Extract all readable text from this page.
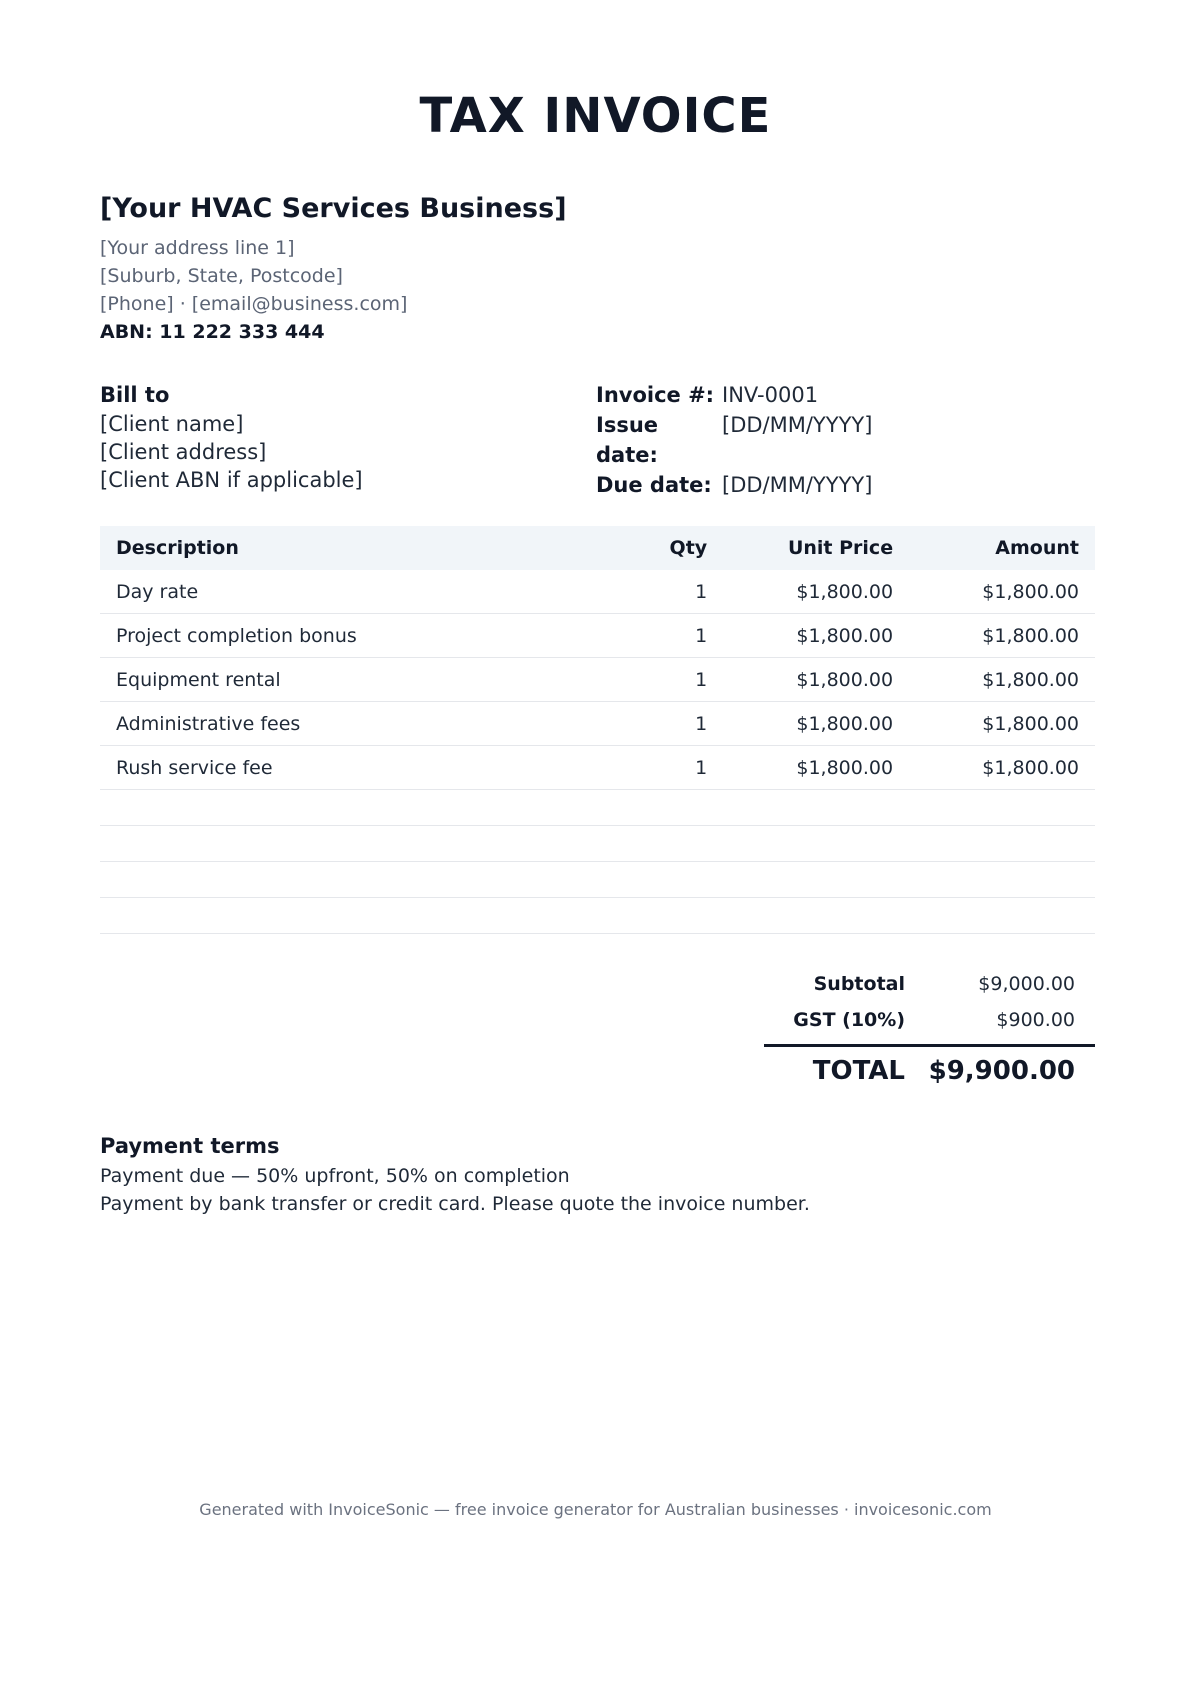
TAX INVOICE
[Your HVAC Services Business]
[Your address line 1]
[Suburb, State, Postcode]
[Phone] · [email@business.com]
ABN: 11 222 333 444
Bill to
[Client name]
[Client address]
[Client ABN if applicable]
Invoice #: INV-0001
Issue date:
[DD/MM/YYYY]
Due date: [DD/MM/YYYY]
Description	Qty	Unit Price	Amount
Day rate	1	$1,800.00	$1,800.00
Project completion bonus	1	$1,800.00	$1,800.00
Equipment rental	1	$1,800.00	$1,800.00
Administrative fees	1	$1,800.00	$1,800.00
Rush service fee	1	$1,800.00	$1,800.00

Subtotal	$9,000.00
GST (10%)	$900.00
TOTAL $9,900.00
Payment terms
Payment due — 50% upfront, 50% on completion
Payment by bank transfer or credit card. Please quote the invoice number.
Generated with InvoiceSonic — free invoice generator for Australian businesses · invoicesonic.com
